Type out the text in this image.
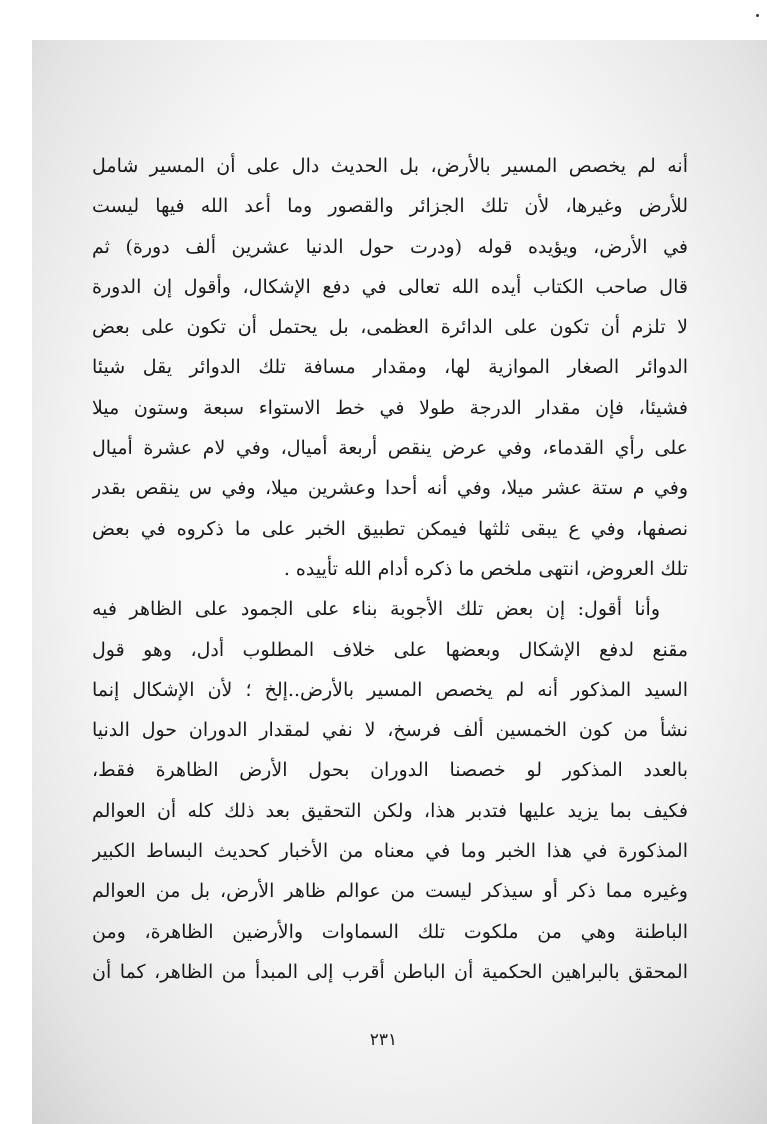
أنه لم يخصص المسير بالأرض، بل الحديث دال على أن المسير شامل
للأرض وغيرها، لأن تلك الجزائر والقصور وما أعد الله فيها ليست
في الأرض، ويؤيده قوله (ودرت حول الدنيا عشرين ألف دورة) ثم
قال صاحب الكتاب أيده الله تعالى في دفع الإشكال، وأقول إن الدورة
لا تلزم أن تكون على الدائرة العظمى، بل يحتمل أن تكون على بعض
الدوائر الصغار الموازية لها، ومقدار مسافة تلك الدوائر يقل شيئا
فشيئا، فإن مقدار الدرجة طولا في خط الاستواء سبعة وستون ميلا
على رأي القدماء، وفي عرض ينقص أربعة أميال، وفي لام عشرة أميال
وفي م ستة عشر ميلا، وفي أنه أحدا وعشرين ميلا، وفي س ينقص بقدر
نصفها، وفي ع يبقى ثلثها فيمكن تطبيق الخبر على ما ذكروه في بعض
تلك العروض، انتهى ملخص ما ذكره أدام الله تأييده .
وأنا أقول: إن بعض تلك الأجوبة بناء على الجمود على الظاهر فيه
مقنع لدفع الإشكال وبعضها على خلاف المطلوب أدل، وهو قول
السيد المذكور أنه لم يخصص المسير بالأرض..إلخ ؛ لأن الإشكال إنما
نشأ من كون الخمسين ألف فرسخ، لا نفي لمقدار الدوران حول الدنيا
بالعدد المذكور لو خصصنا الدوران بحول الأرض الظاهرة فقط،
فكيف بما يزيد عليها فتدبر هذا، ولكن التحقيق بعد ذلك كله أن العوالم
المذكورة في هذا الخبر وما في معناه من الأخبار كحديث البساط الكبير
وغيره مما ذكر أو سيذكر ليست من عوالم ظاهر الأرض، بل من العوالم
الباطنة وهي من ملكوت تلك السماوات والأرضين الظاهرة، ومن
المحقق بالبراهين الحكمية أن الباطن أقرب إلى المبدأ من الظاهر، كما أن
٢٣١
